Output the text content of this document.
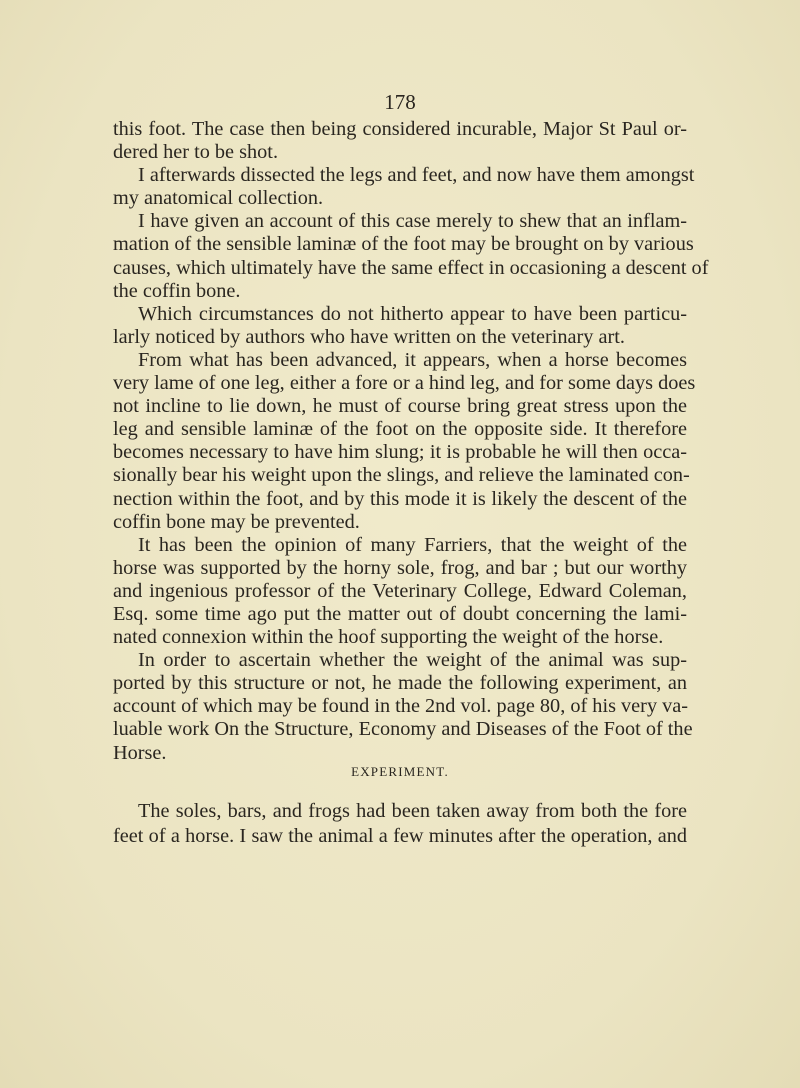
178
this foot. The case then being considered incurable, Major St Paul or-
dered her to be shot.
I afterwards dissected the legs and feet, and now have them amongst
my anatomical collection.
I have given an account of this case merely to shew that an inflam-
mation of the sensible laminæ of the foot may be brought on by various
causes, which ultimately have the same effect in occasioning a descent of
the coffin bone.
Which circumstances do not hitherto appear to have been particu-
larly noticed by authors who have written on the veterinary art.
From what has been advanced, it appears, when a horse becomes
very lame of one leg, either a fore or a hind leg, and for some days does
not incline to lie down, he must of course bring great stress upon the
leg and sensible laminæ of the foot on the opposite side. It therefore
becomes necessary to have him slung; it is probable he will then occa-
sionally bear his weight upon the slings, and relieve the laminated con-
nection within the foot, and by this mode it is likely the descent of the
coffin bone may be prevented.
It has been the opinion of many Farriers, that the weight of the
horse was supported by the horny sole, frog, and bar ; but our worthy
and ingenious professor of the Veterinary College, Edward Coleman,
Esq. some time ago put the matter out of doubt concerning the lami-
nated connexion within the hoof supporting the weight of the horse.
In order to ascertain whether the weight of the animal was sup-
ported by this structure or not, he made the following experiment, an
account of which may be found in the 2nd vol. page 80, of his very va-
luable work On the Structure, Economy and Diseases of the Foot of the
Horse.
EXPERIMENT.
The soles, bars, and frogs had been taken away from both the fore
feet of a horse. I saw the animal a few minutes after the operation, and
